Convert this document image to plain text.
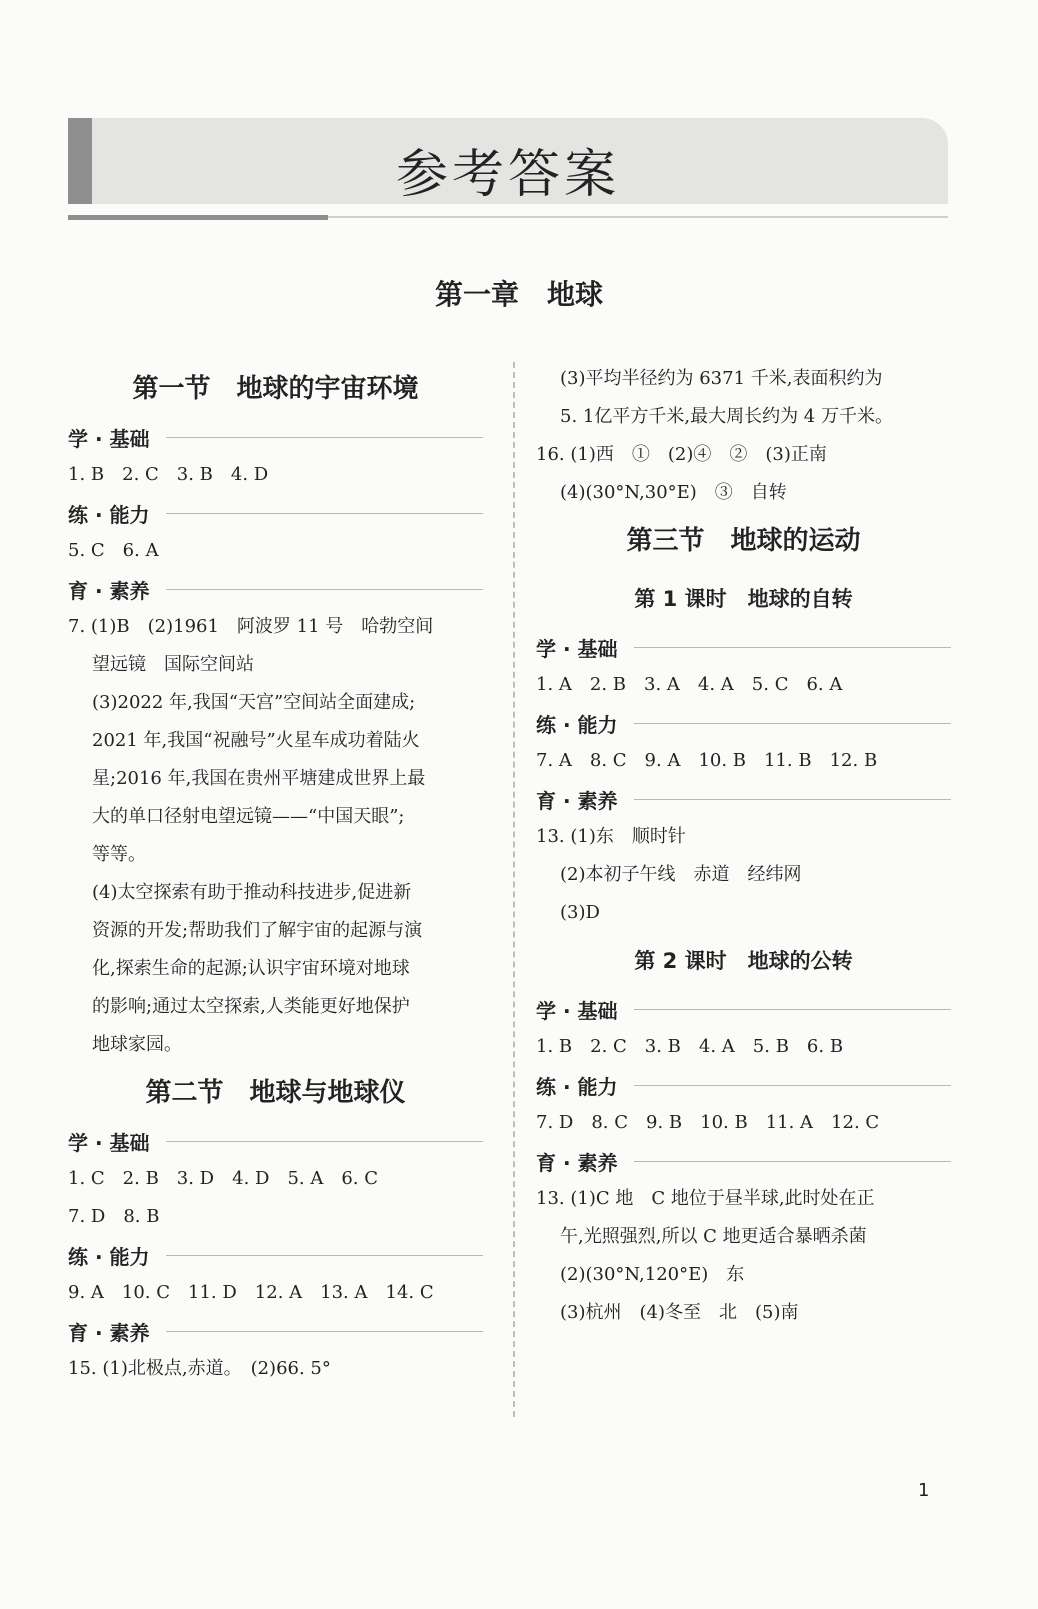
参考答案
第一章　地球
第一节　地球的宇宙环境
学 · 基础
1. B　2. C　3. B　4. D
练 · 能力
5. C　6. A
育 · 素养
7. (1)B　(2)1961　阿波罗 11 号　哈勃空间
望远镜　国际空间站
(3)2022 年,我国“天宫”空间站全面建成;
2021 年,我国“祝融号”火星车成功着陆火
星;2016 年,我国在贵州平塘建成世界上最
大的单口径射电望远镜——“中国天眼”;
等等。
(4)太空探索有助于推动科技进步,促进新
资源的开发;帮助我们了解宇宙的起源与演
化,探索生命的起源;认识宇宙环境对地球
的影响;通过太空探索,人类能更好地保护
地球家园。
第二节　地球与地球仪
学 · 基础
1. C　2. B　3. D　4. D　5. A　6. C
7. D　8. B
练 · 能力
9. A　10. C　11. D　12. A　13. A　14. C
育 · 素养
15. (1)北极点,赤道。　(2)66. 5°
(3)平均半径约为 6371 千米,表面积约为
5. 1亿平方千米,最大周长约为 4 万千米。
16. (1)西　①　(2)④　②　(3)正南
(4)(30°N,30°E)　③　自转
第三节　地球的运动
第 1 课时　地球的自转
学 · 基础
1. A　2. B　3. A　4. A　5. C　6. A
练 · 能力
7. A　8. C　9. A　10. B　11. B　12. B
育 · 素养
13. (1)东　顺时针
(2)本初子午线　赤道　经纬网
(3)D
第 2 课时　地球的公转
学 · 基础
1. B　2. C　3. B　4. A　5. B　6. B
练 · 能力
7. D　8. C　9. B　10. B　11. A　12. C
育 · 素养
13. (1)C 地　C 地位于昼半球,此时处在正
午,光照强烈,所以 C 地更适合暴晒杀菌
(2)(30°N,120°E)　东
(3)杭州　(4)冬至　北　(5)南
1
